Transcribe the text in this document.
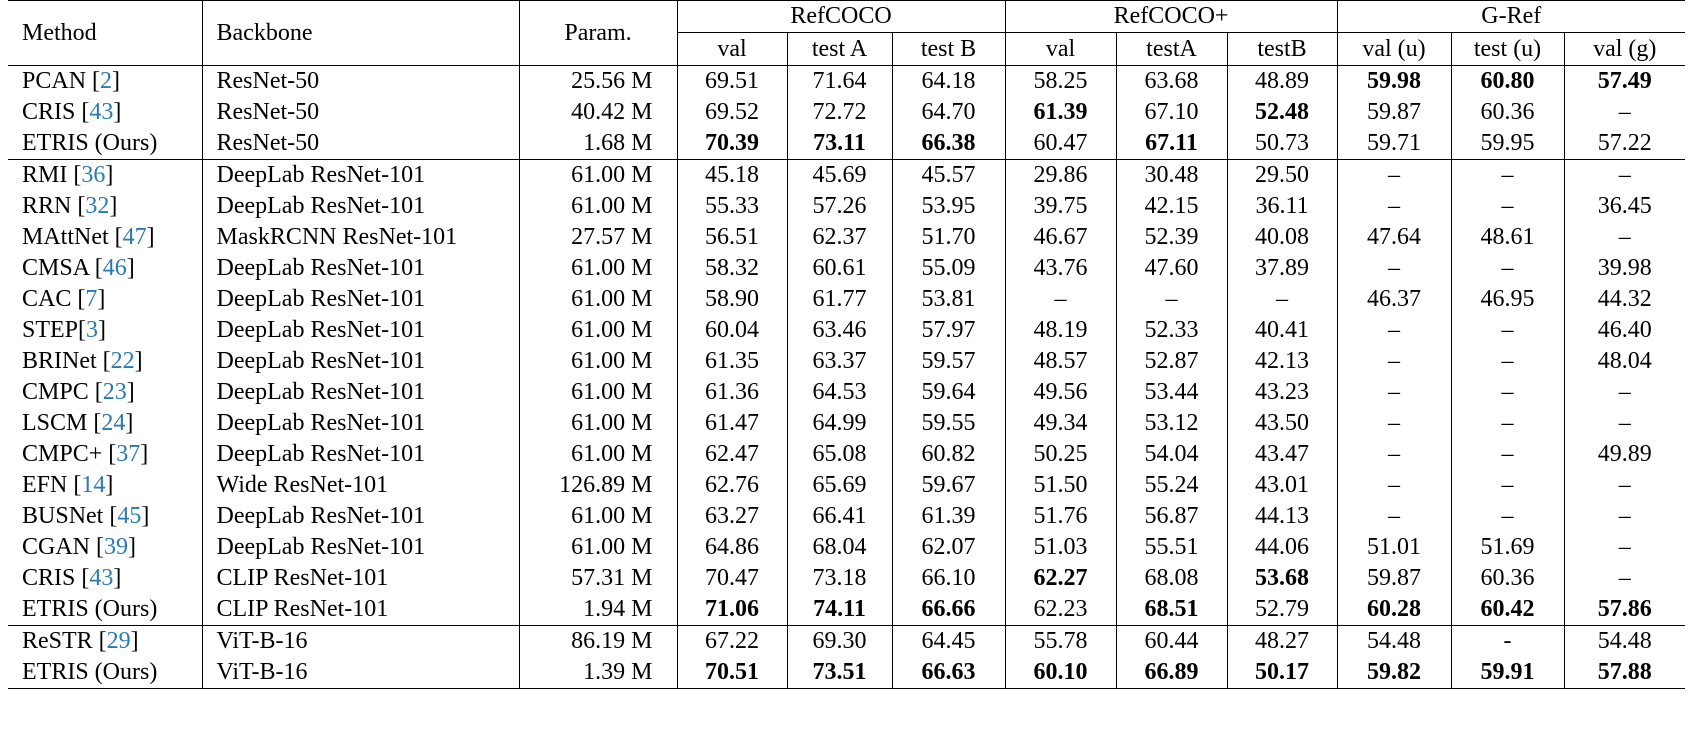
Method	Backbone	Param.	RefCOCO			RefCOCO+			G-Ref		
			val	test A	test B	val	testA	testB	val (u)	test (u)	val (g)
PCAN [2]	ResNet-50	25.56 M	69.51	71.64	64.18	58.25	63.68	48.89	59.98	60.80	57.49
CRIS [43]	ResNet-50	40.42 M	69.52	72.72	64.70	61.39	67.10	52.48	59.87	60.36	–
ETRIS (Ours)	ResNet-50	1.68 M	70.39	73.11	66.38	60.47	67.11	50.73	59.71	59.95	57.22
RMI [36]	DeepLab ResNet-101	61.00 M	45.18	45.69	45.57	29.86	30.48	29.50	–	–	–
RRN [32]	DeepLab ResNet-101	61.00 M	55.33	57.26	53.95	39.75	42.15	36.11	–	–	36.45
MAttNet [47]	MaskRCNN ResNet-101	27.57 M	56.51	62.37	51.70	46.67	52.39	40.08	47.64	48.61	–
CMSA [46]	DeepLab ResNet-101	61.00 M	58.32	60.61	55.09	43.76	47.60	37.89	–	–	39.98
CAC [7]	DeepLab ResNet-101	61.00 M	58.90	61.77	53.81	–	–	–	46.37	46.95	44.32
STEP[3]	DeepLab ResNet-101	61.00 M	60.04	63.46	57.97	48.19	52.33	40.41	–	–	46.40
BRINet [22]	DeepLab ResNet-101	61.00 M	61.35	63.37	59.57	48.57	52.87	42.13	–	–	48.04
CMPC [23]	DeepLab ResNet-101	61.00 M	61.36	64.53	59.64	49.56	53.44	43.23	–	–	–
LSCM [24]	DeepLab ResNet-101	61.00 M	61.47	64.99	59.55	49.34	53.12	43.50	–	–	–
CMPC+ [37]	DeepLab ResNet-101	61.00 M	62.47	65.08	60.82	50.25	54.04	43.47	–	–	49.89
EFN [14]	Wide ResNet-101	126.89 M	62.76	65.69	59.67	51.50	55.24	43.01	–	–	–
BUSNet [45]	DeepLab ResNet-101	61.00 M	63.27	66.41	61.39	51.76	56.87	44.13	–	–	–
CGAN [39]	DeepLab ResNet-101	61.00 M	64.86	68.04	62.07	51.03	55.51	44.06	51.01	51.69	–
CRIS [43]	CLIP ResNet-101	57.31 M	70.47	73.18	66.10	62.27	68.08	53.68	59.87	60.36	–
ETRIS (Ours)	CLIP ResNet-101	1.94 M	71.06	74.11	66.66	62.23	68.51	52.79	60.28	60.42	57.86
ReSTR [29]	ViT-B-16	86.19 M	67.22	69.30	64.45	55.78	60.44	48.27	54.48	-	54.48
ETRIS (Ours)	ViT-B-16	1.39 M	70.51	73.51	66.63	60.10	66.89	50.17	59.82	59.91	57.88
